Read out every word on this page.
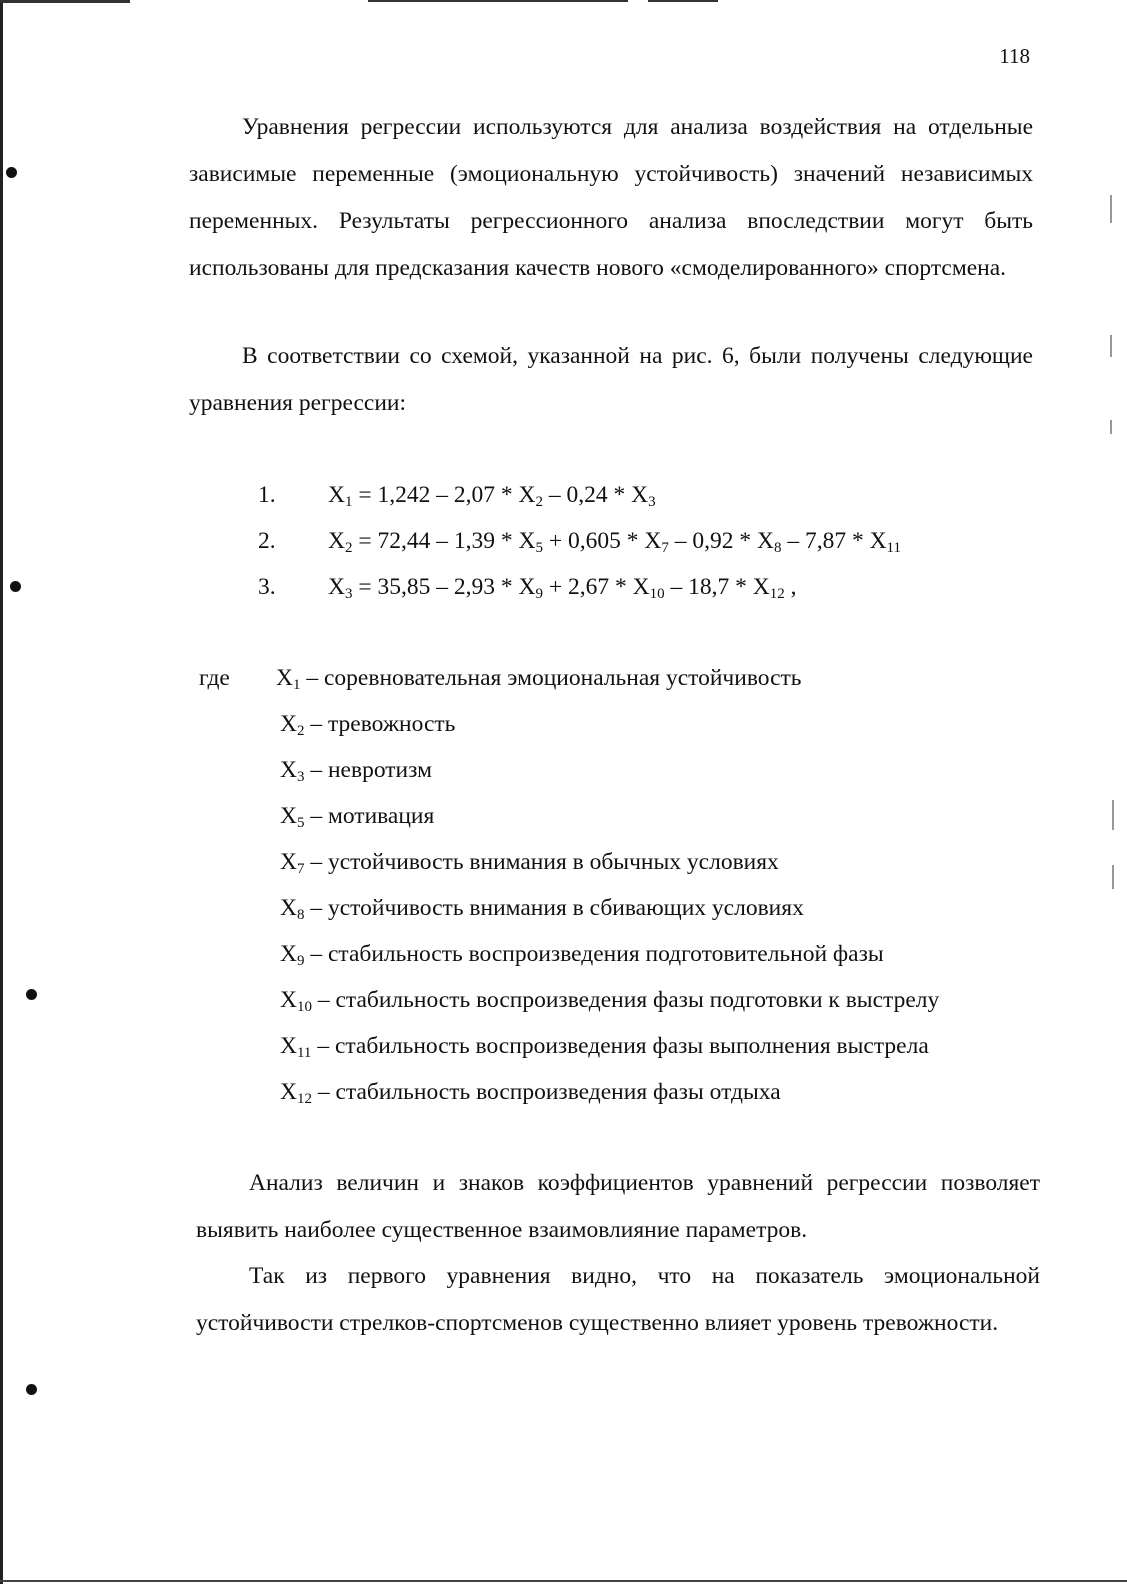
118

Уравнения регрессии используются для анализа воздействия на отдельные зависимые переменные (эмоциональную устойчивость) значений независимых переменных. Результаты регрессионного анализа впоследствии могут быть использованы для предсказания качеств нового «смоделированного» спортсмена.

В соответствии со схемой, указанной на рис. 6, были получены следующие уравнения регрессии:

1. $X_1 = 1,242 - 2,07 * X_2 - 0,24 * X_3$
2. $X_2 = 72,44 - 1,39 * X_5 + 0,605 * X_7 - 0,92 * X_8 - 7,87 * X_{11}$
3. $X_3 = 35,85 - 2,93 * X_9 + 2,67 * X_{10} - 18,7 * X_{12}$ ,
где $X_1$ – соревновательная эмоциональная устойчивость
$X_2$ – тревожность
$X_3$ – невротизм
$X_5$ – мотивация
$X_7$ – устойчивость внимания в обычных условиях
$X_8$ – устойчивость внимания в сбивающих условиях
$X_9$ – стабильность воспроизведения подготовительной фазы
$X_{10}$ – стабильность воспроизведения фазы подготовки к выстрелу
$X_{11}$ – стабильность воспроизведения фазы выполнения выстрела
$X_{12}$ – стабильность воспроизведения фазы отдыха

Анализ величин и знаков коэффициентов уравнений регрессии позволяет выявить наиболее существенное взаимовлияние параметров.

Так из первого уравнения видно, что на показатель эмоциональной устойчивости стрелков-спортсменов существенно влияет уровень тревожности.
